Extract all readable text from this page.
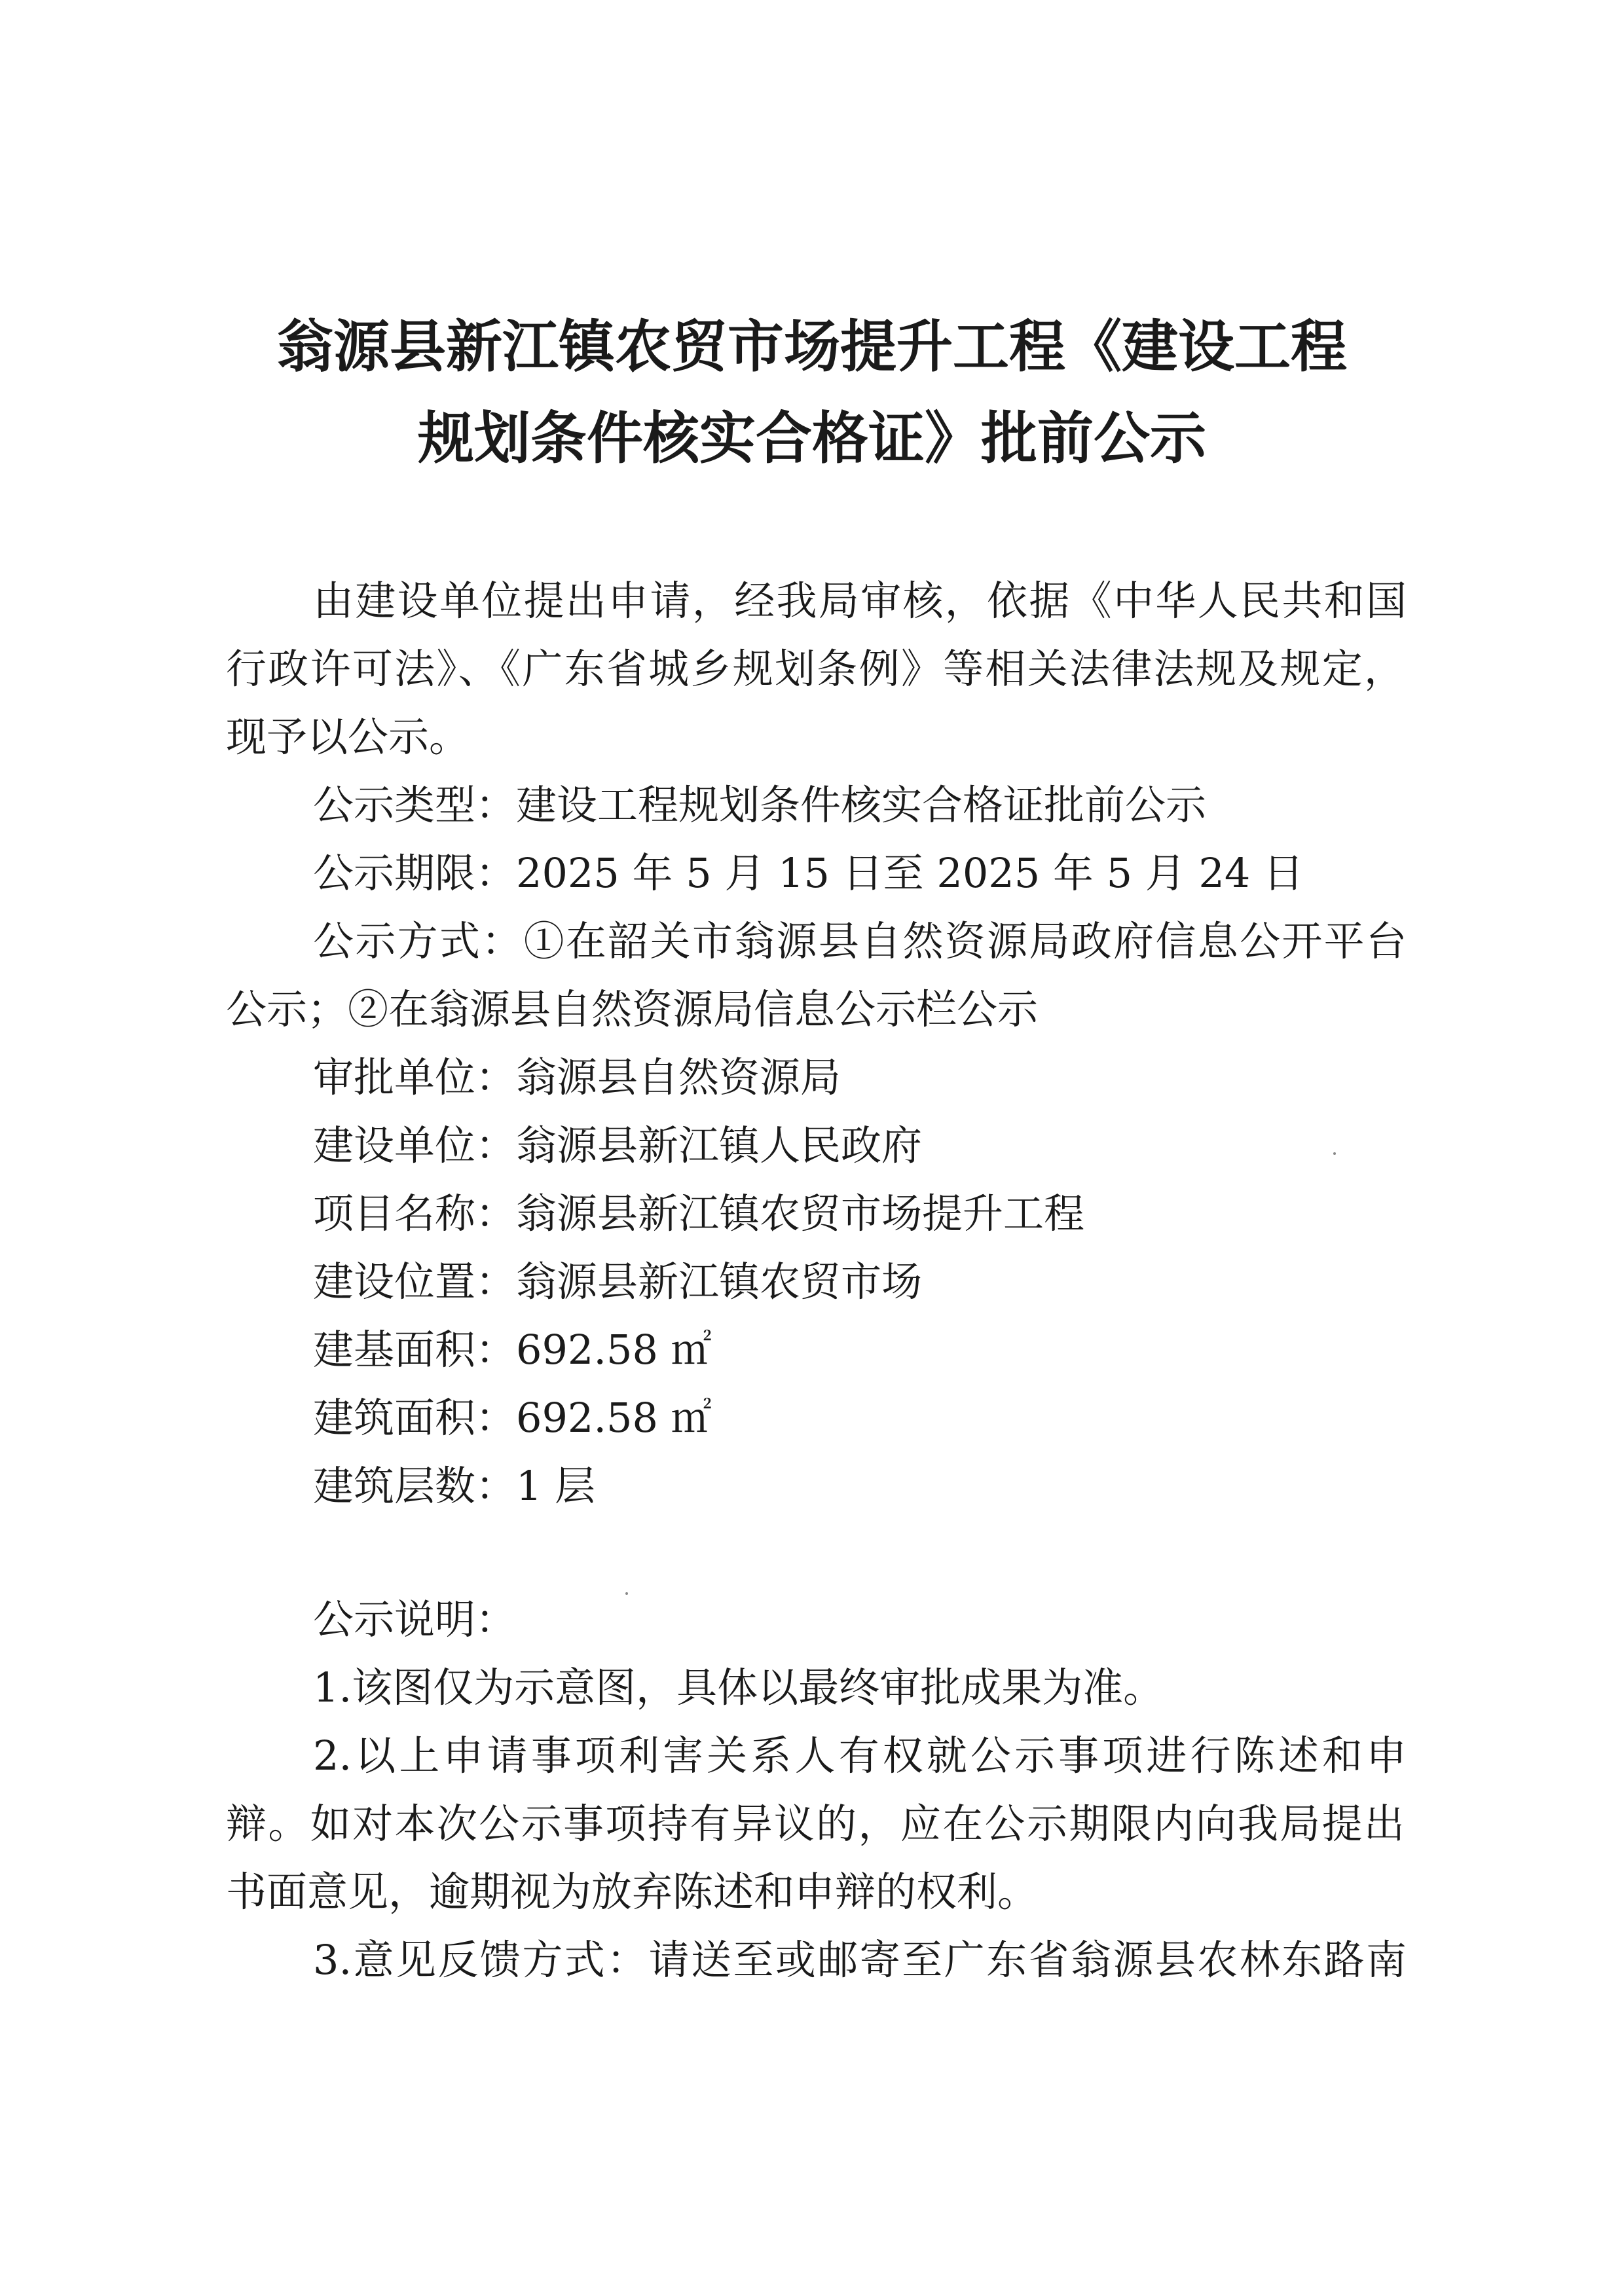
翁源县新江镇农贸市场提升工程《建设工程
规划条件核实合格证》批前公示

由建设单位提出申请，经我局审核，依据《中华人民共和国

行政许可法》、《广东省城乡规划条例》等相关法律法规及规定，

现予以公示。

公示类型：建设工程规划条件核实合格证批前公示

公示期限：2025 年 5 月 15 日至 2025 年 5 月 24 日

公示方式：①在韶关市翁源县自然资源局政府信息公开平台

公示；②在翁源县自然资源局信息公示栏公示

审批单位：翁源县自然资源局

建设单位：翁源县新江镇人民政府

项目名称：翁源县新江镇农贸市场提升工程

建设位置：翁源县新江镇农贸市场

建基面积：692.58 ㎡

建筑面积：692.58 ㎡

建筑层数：1 层

公示说明：

1.该图仅为示意图，具体以最终审批成果为准。

2.以上申请事项利害关系人有权就公示事项进行陈述和申

辩。如对本次公示事项持有异议的，应在公示期限内向我局提出

书面意见，逾期视为放弃陈述和申辩的权利。

3.意见反馈方式：请送至或邮寄至广东省翁源县农林东路南
